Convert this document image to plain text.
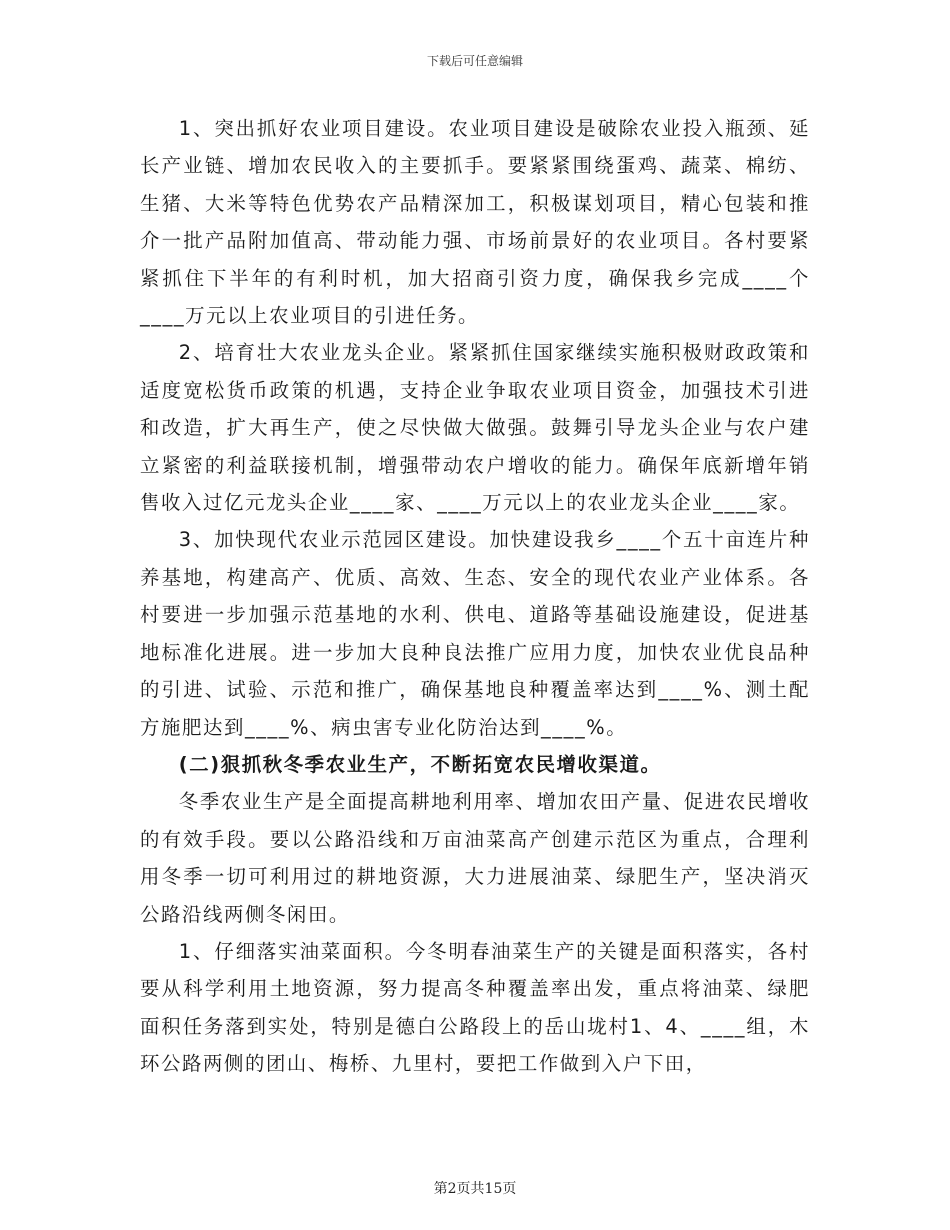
下载后可任意编辑

1、突出抓好农业项目建设。农业项目建设是破除农业投入瓶颈、延长产业链、增加农民收入的主要抓手。要紧紧围绕蛋鸡、蔬菜、棉纺、生猪、大米等特色优势农产品精深加工，积极谋划项目，精心包装和推介一批产品附加值高、带动能力强、市场前景好的农业项目。各村要紧紧抓住下半年的有利时机，加大招商引资力度，确保我乡完成____个____万元以上农业项目的引进任务。

2、培育壮大农业龙头企业。紧紧抓住国家继续实施积极财政政策和适度宽松货币政策的机遇，支持企业争取农业项目资金，加强技术引进和改造，扩大再生产，使之尽快做大做强。鼓舞引导龙头企业与农户建立紧密的利益联接机制，增强带动农户增收的能力。确保年底新增年销售收入过亿元龙头企业____家、____万元以上的农业龙头企业____家。

3、加快现代农业示范园区建设。加快建设我乡____个五十亩连片种养基地，构建高产、优质、高效、生态、安全的现代农业产业体系。各村要进一步加强示范基地的水利、供电、道路等基础设施建设，促进基地标准化进展。进一步加大良种良法推广应用力度，加快农业优良品种的引进、试验、示范和推广，确保基地良种覆盖率达到____%、测土配方施肥达到____%、病虫害专业化防治达到____%。

(二)狠抓秋冬季农业生产，不断拓宽农民增收渠道。

冬季农业生产是全面提高耕地利用率、增加农田产量、促进农民增收的有效手段。要以公路沿线和万亩油菜高产创建示范区为重点，合理利用冬季一切可利用过的耕地资源，大力进展油菜、绿肥生产，坚决消灭公路沿线两侧冬闲田。

1、仔细落实油菜面积。今冬明春油菜生产的关键是面积落实，各村要从科学利用土地资源，努力提高冬种覆盖率出发，重点将油菜、绿肥面积任务落到实处，特别是德白公路段上的岳山垅村1、4、____组，木环公路两侧的团山、梅桥、九里村，要把工作做到入户下田，

第2页共15页
